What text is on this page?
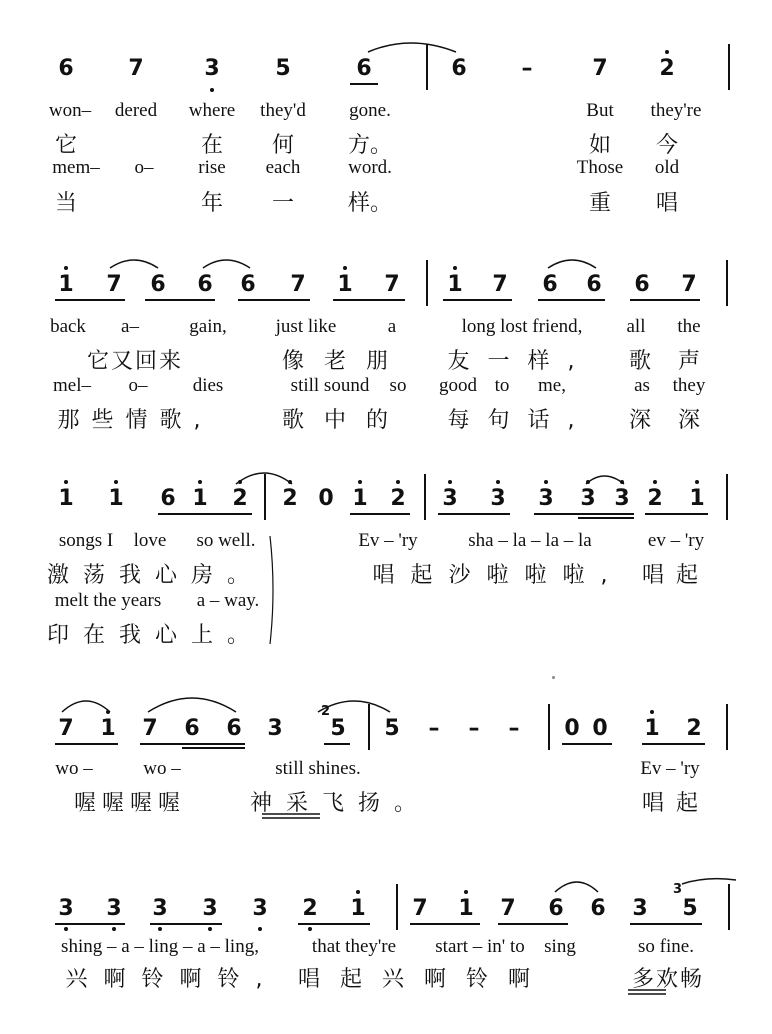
6 7	3	5	6	6 –	7 2
won– dered where they'd gone.	But they're
它	在 何 方。	如 今
mem– o– rise each	word.	Those old
当	年 一 样。	重 唱
1 7 6 6 6 7 1 7 1 7 6 6 6 7
back a–	gain,	just like	a	long lost friend, all the
它又回来	像老朋 友一样, 歌 声
mel– o– dies	still sound so good to me,	as they
那些情歌,	歌中的 每句话, 深 深
1 1 6 1 2 2 0 1 2 3 3 3 3 3 2 1
songs I love so well.	Ev – 'ry	sha – la – la – la	ev – 'ry
激荡我心房。	唱起沙啦啦啦, 唱起
melt the years a – way.
印在我心上。
7 1 7 6 6 3 5 5 – – – 0 0 1 2
2
wo –	wo –	still shines.	Ev – 'ry
喔喔喔喔	神采飞扬。	唱起
3 3 3 3 3 2 1 7 1 7 6 6 3 5
3
shing – a – ling – a – ling,	that they're start – in' to sing	so fine.
兴啊铃啊铃, 唱起兴啊铃啊	多欢畅
